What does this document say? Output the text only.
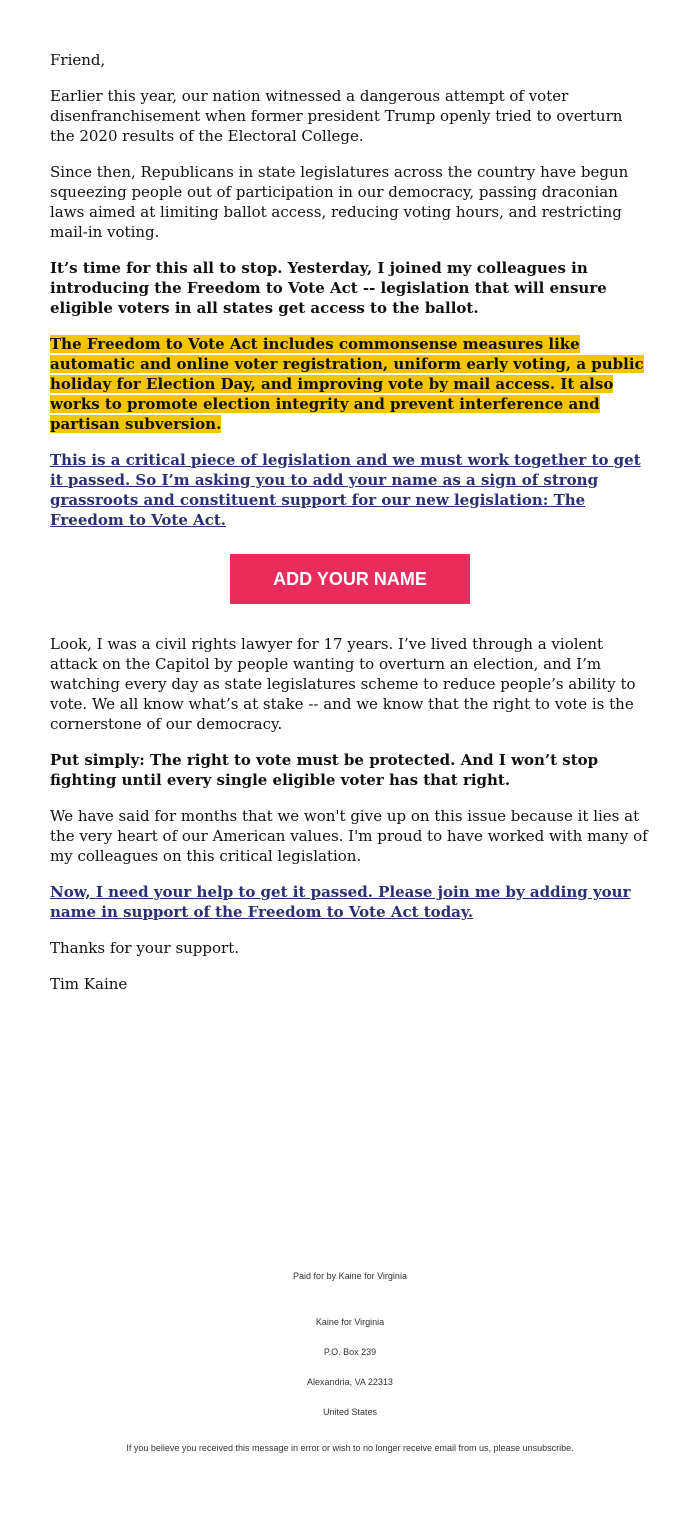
Friend,

Earlier this year, our nation witnessed a dangerous attempt of voter disenfranchisement when former president Trump openly tried to overturn the 2020 results of the Electoral College.

Since then, Republicans in state legislatures across the country have begun squeezing people out of participation in our democracy, passing draconian laws aimed at limiting ballot access, reducing voting hours, and restricting mail-in voting.

It’s time for this all to stop. Yesterday, I joined my colleagues in introducing the Freedom to Vote Act -- legislation that will ensure eligible voters in all states get access to the ballot.

The Freedom to Vote Act includes commonsense measures like automatic and online voter registration, uniform early voting, a public holiday for Election Day, and improving vote by mail access. It also works to promote election integrity and prevent interference and partisan subversion.

This is a critical piece of legislation and we must work together to get it passed. So I’m asking you to add your name as a sign of strong grassroots and constituent support for our new legislation: The Freedom to Vote Act.

ADD YOUR NAME

Look, I was a civil rights lawyer for 17 years. I’ve lived through a violent attack on the Capitol by people wanting to overturn an election, and I’m watching every day as state legislatures scheme to reduce people’s ability to vote. We all know what’s at stake -- and we know that the right to vote is the cornerstone of our democracy.

Put simply: The right to vote must be protected. And I won’t stop fighting until every single eligible voter has that right.

We have said for months that we won't give up on this issue because it lies at the very heart of our American values. I'm proud to have worked with many of my colleagues on this critical legislation.

Now, I need your help to get it passed. Please join me by adding your name in support of the Freedom to Vote Act today.

Thanks for your support.

Tim Kaine

Paid for by Kaine for Virginia
Kaine for Virginia
P.O. Box 239
Alexandria, VA 22313
United States
If you believe you received this message in error or wish to no longer receive email from us, please unsubscribe.
